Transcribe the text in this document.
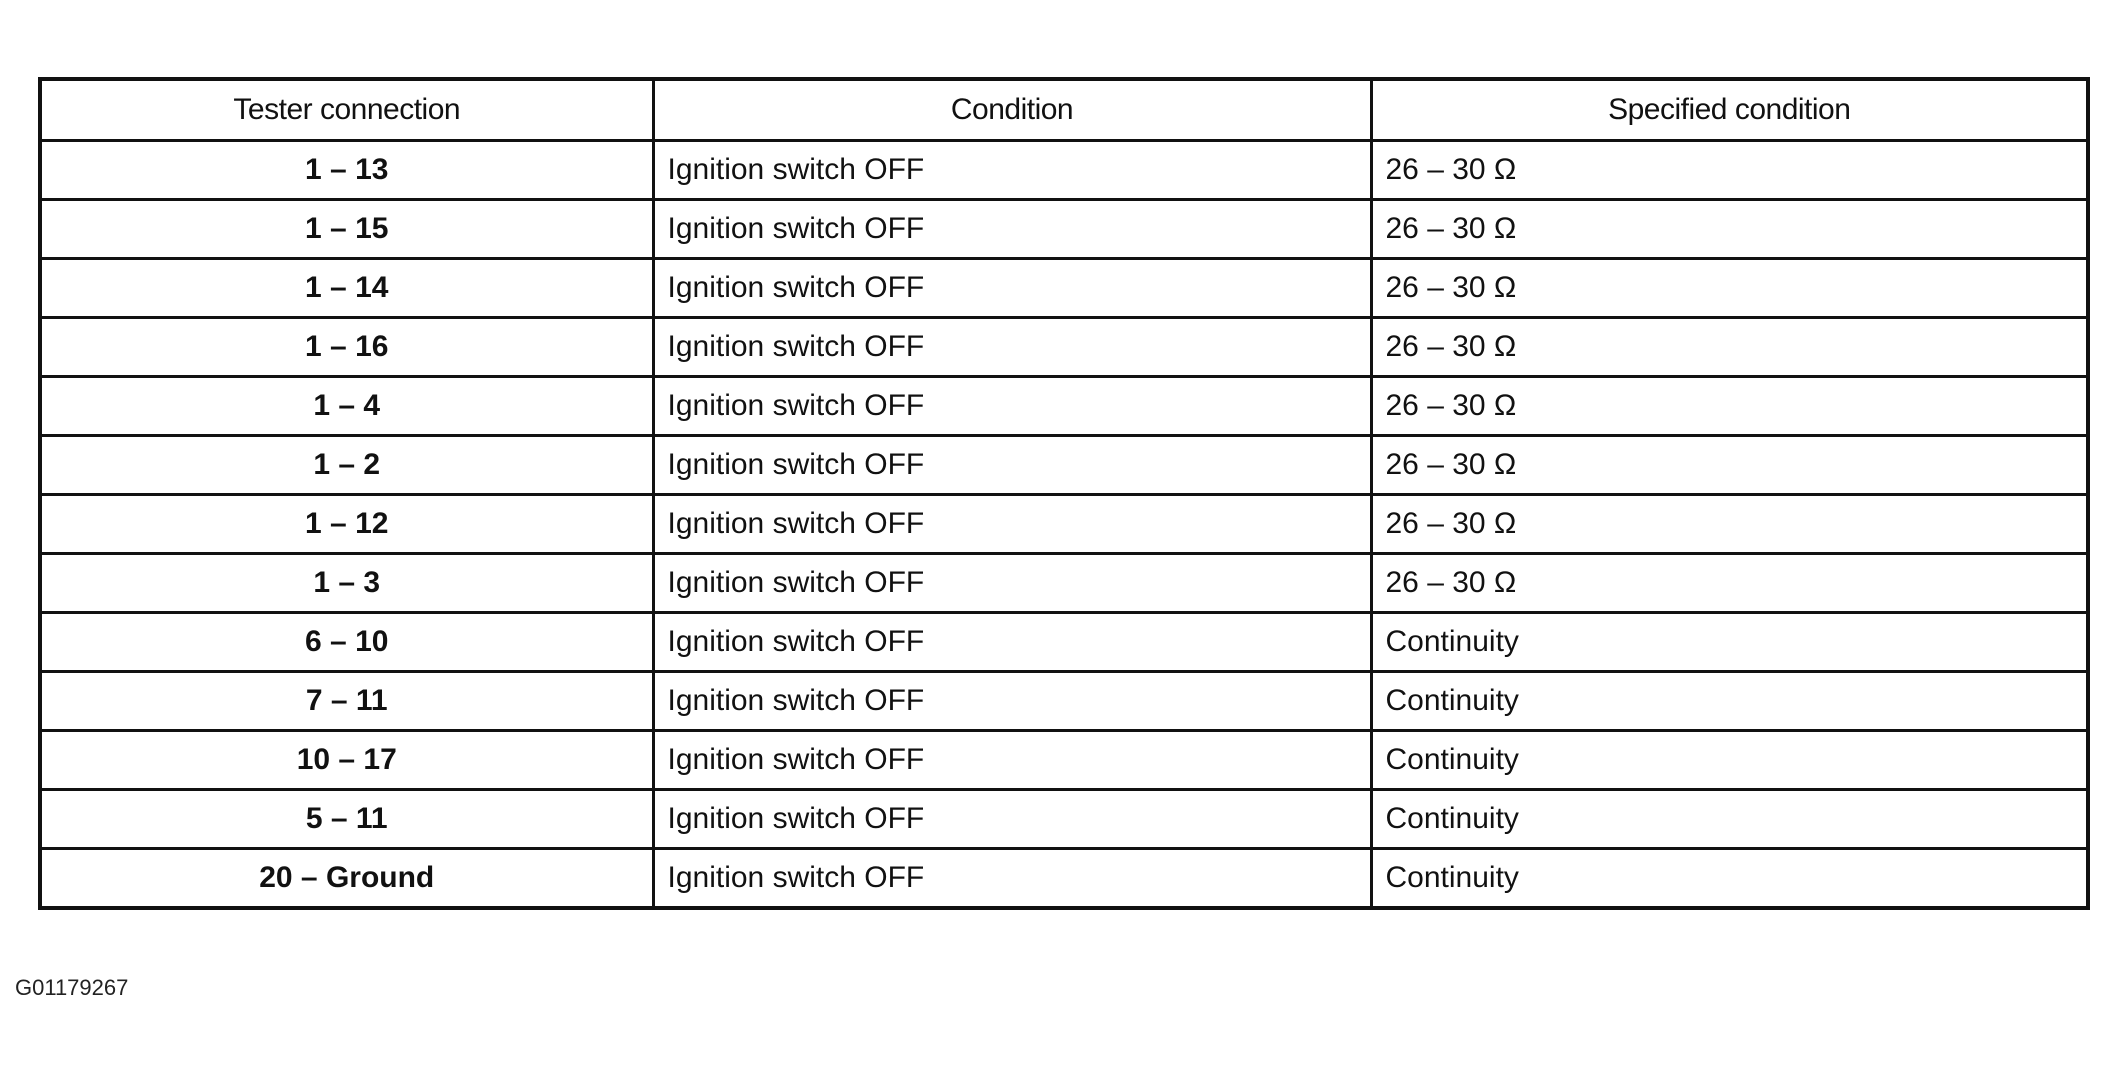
Tester connection	Condition	Specified condition
1 – 13	Ignition switch OFF	26 – 30 Ω
1 – 15	Ignition switch OFF	26 – 30 Ω
1 – 14	Ignition switch OFF	26 – 30 Ω
1 – 16	Ignition switch OFF	26 – 30 Ω
1 – 4	Ignition switch OFF	26 – 30 Ω
1 – 2	Ignition switch OFF	26 – 30 Ω
1 – 12	Ignition switch OFF	26 – 30 Ω
1 – 3	Ignition switch OFF	26 – 30 Ω
6 – 10	Ignition switch OFF	Continuity
7 – 11	Ignition switch OFF	Continuity
10 – 17	Ignition switch OFF	Continuity
5 – 11	Ignition switch OFF	Continuity
20 – Ground	Ignition switch OFF	Continuity
G01179267
